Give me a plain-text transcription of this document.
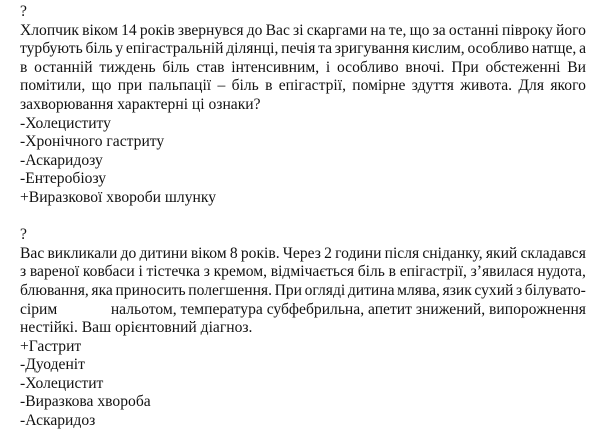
?
Хлопчик віком 14 років звернувся до Вас зі скаргами на те, що за останні півроку його
турбують біль у епігастральній ділянці, печія та зригування кислим, особливо натще, а
в останній тиждень біль став інтенсивним, і особливо вночі. При обстеженні Ви
помітили, що при пальпації – біль в епігастрії, помірне здуття живота. Для якого
захворювання характерні ці ознаки?
-Холециститу
-Хронічного гастриту
-Аскаридозу
-Ентеробіозу
+Виразкової хвороби шлунку
?
Вас викликали до дитини віком 8 років. Через 2 години після сніданку, який складався
з вареної ковбаси і тістечка з кремом, відмічається біль в епігастрії, з’явилася нудота,
блювання, яка приносить полегшення. При огляді дитина млява, язик сухий з білувато-
сірим	нальотом, температура субфебрильна, апетит знижений, випорожнення
нестійкі. Ваш орієнтовний діагноз.
+Гастрит
-Дуоденіт
-Холецистит
-Виразкова хвороба
-Аскаридоз
